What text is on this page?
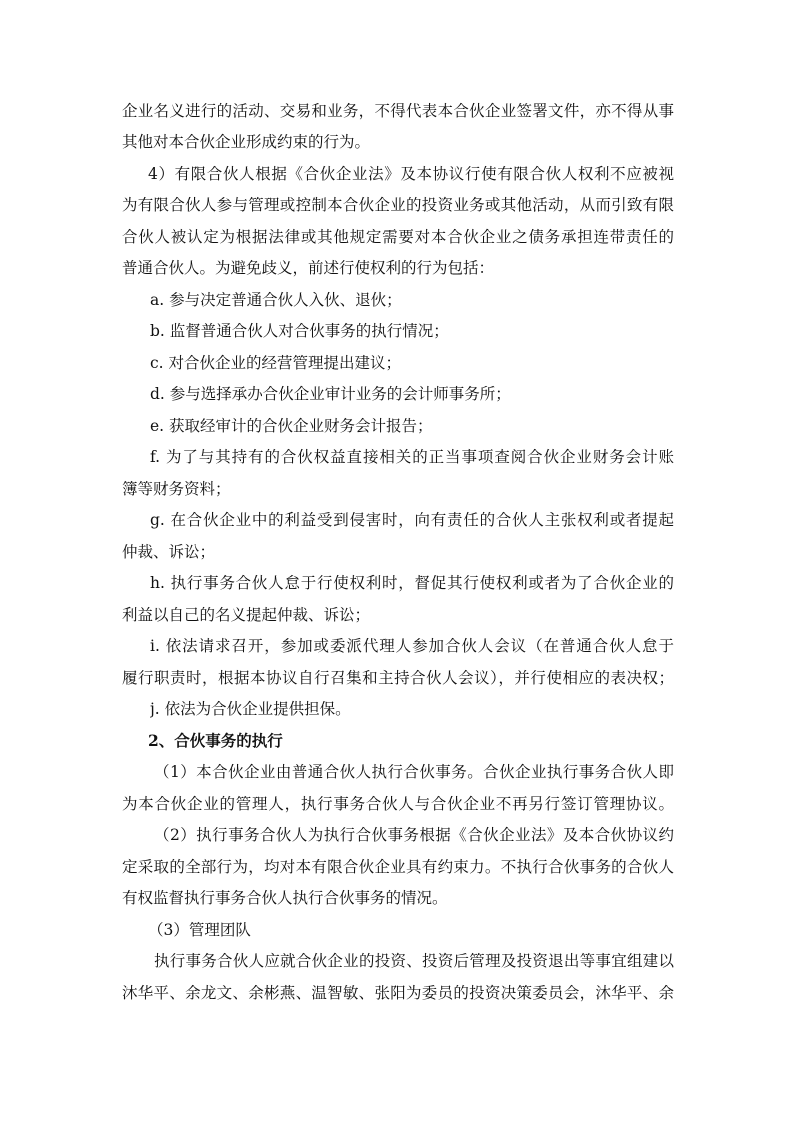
企业名义进行的活动、交易和业务，不得代表本合伙企业签署文件，亦不得从事
其他对本合伙企业形成约束的行为。
4）有限合伙人根据《合伙企业法》及本协议行使有限合伙人权利不应被视
为有限合伙人参与管理或控制本合伙企业的投资业务或其他活动，从而引致有限
合伙人被认定为根据法律或其他规定需要对本合伙企业之债务承担连带责任的
普通合伙人。为避免歧义，前述行使权利的行为包括：
a. 参与决定普通合伙人入伙、退伙；
b. 监督普通合伙人对合伙事务的执行情况；
c. 对合伙企业的经营管理提出建议；
d. 参与选择承办合伙企业审计业务的会计师事务所；
e. 获取经审计的合伙企业财务会计报告；
f. 为了与其持有的合伙权益直接相关的正当事项查阅合伙企业财务会计账
簿等财务资料；
g. 在合伙企业中的利益受到侵害时，向有责任的合伙人主张权利或者提起
仲裁、诉讼；
h. 执行事务合伙人怠于行使权利时，督促其行使权利或者为了合伙企业的
利益以自己的名义提起仲裁、诉讼；
i. 依法请求召开，参加或委派代理人参加合伙人会议（在普通合伙人怠于
履行职责时，根据本协议自行召集和主持合伙人会议），并行使相应的表决权；
j. 依法为合伙企业提供担保。
2、合伙事务的执行
（1）本合伙企业由普通合伙人执行合伙事务。合伙企业执行事务合伙人即
为本合伙企业的管理人，执行事务合伙人与合伙企业不再另行签订管理协议。
（2）执行事务合伙人为执行合伙事务根据《合伙企业法》及本合伙协议约
定采取的全部行为，均对本有限合伙企业具有约束力。不执行合伙事务的合伙人
有权监督执行事务合伙人执行合伙事务的情况。
（3）管理团队
执行事务合伙人应就合伙企业的投资、投资后管理及投资退出等事宜组建以
沐华平、余龙文、余彬燕、温智敏、张阳为委员的投资决策委员会，沐华平、余
